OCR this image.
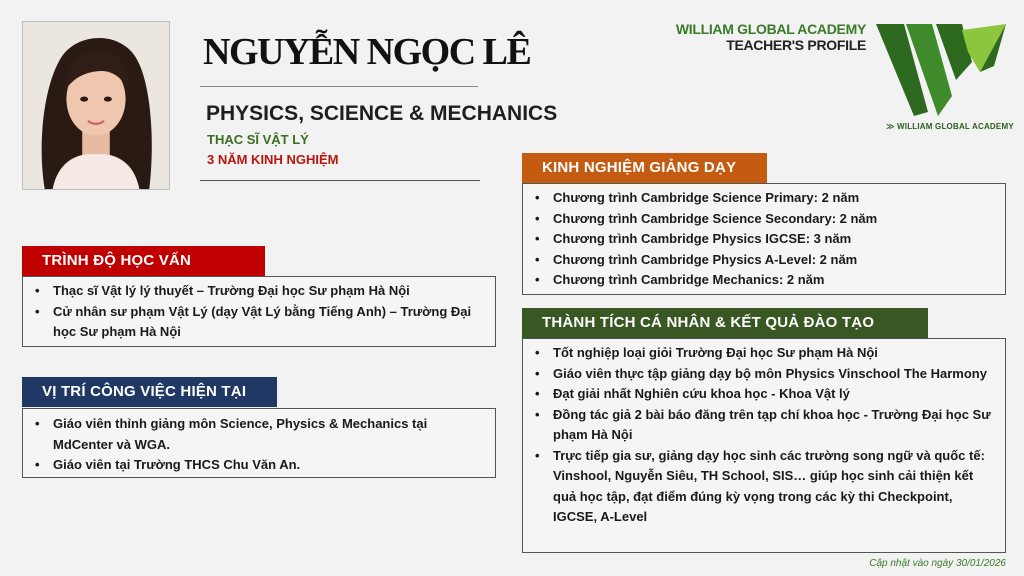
NGUYỄN NGỌC LÊ
PHYSICS, SCIENCE & MECHANICS
THẠC SĨ VẬT LÝ
3 NĂM KINH NGHIỆM
WILLIAM GLOBAL ACADEMY
TEACHER'S PROFILE
≫ WILLIAM GLOBAL ACADEMY
TRÌNH ĐỘ HỌC VẤN
• Thạc sĩ Vật lý lý thuyết – Trường Đại học Sư phạm Hà Nội
• Cử nhân sư phạm Vật Lý (dạy Vật Lý bằng Tiếng Anh) – Trường Đại học Sư phạm Hà Nội
VỊ TRÍ CÔNG VIỆC HIỆN TẠI
• Giáo viên thỉnh giảng môn Science, Physics & Mechanics tại MdCenter và WGA.
• Giáo viên tại Trường THCS Chu Văn An.
KINH NGHIỆM GIẢNG DẠY
• Chương trình Cambridge Science Primary: 2 năm
• Chương trình Cambridge Science Secondary: 2 năm
• Chương trình Cambridge Physics IGCSE: 3 năm
• Chương trình Cambridge Physics A-Level: 2 năm
• Chương trình Cambridge Mechanics: 2 năm
THÀNH TÍCH CÁ NHÂN & KẾT QUẢ ĐÀO TẠO
• Tốt nghiệp loại giỏi Trường Đại học Sư phạm Hà Nội
• Giáo viên thực tập giảng dạy bộ môn Physics Vinschool The Harmony
• Đạt giải nhất Nghiên cứu khoa học - Khoa Vật lý
• Đồng tác giả 2 bài báo đăng trên tạp chí khoa học - Trường Đại học Sư phạm Hà Nội
• Trực tiếp gia sư, giảng dạy học sinh các trường song ngữ và quốc tế: Vinshool, Nguyễn Siêu, TH School, SIS… giúp học sinh cải thiện kết quả học tập, đạt điểm đúng kỳ vọng trong các kỳ thi Checkpoint, IGCSE, A-Level
Cập nhật vào ngày 30/01/2026
